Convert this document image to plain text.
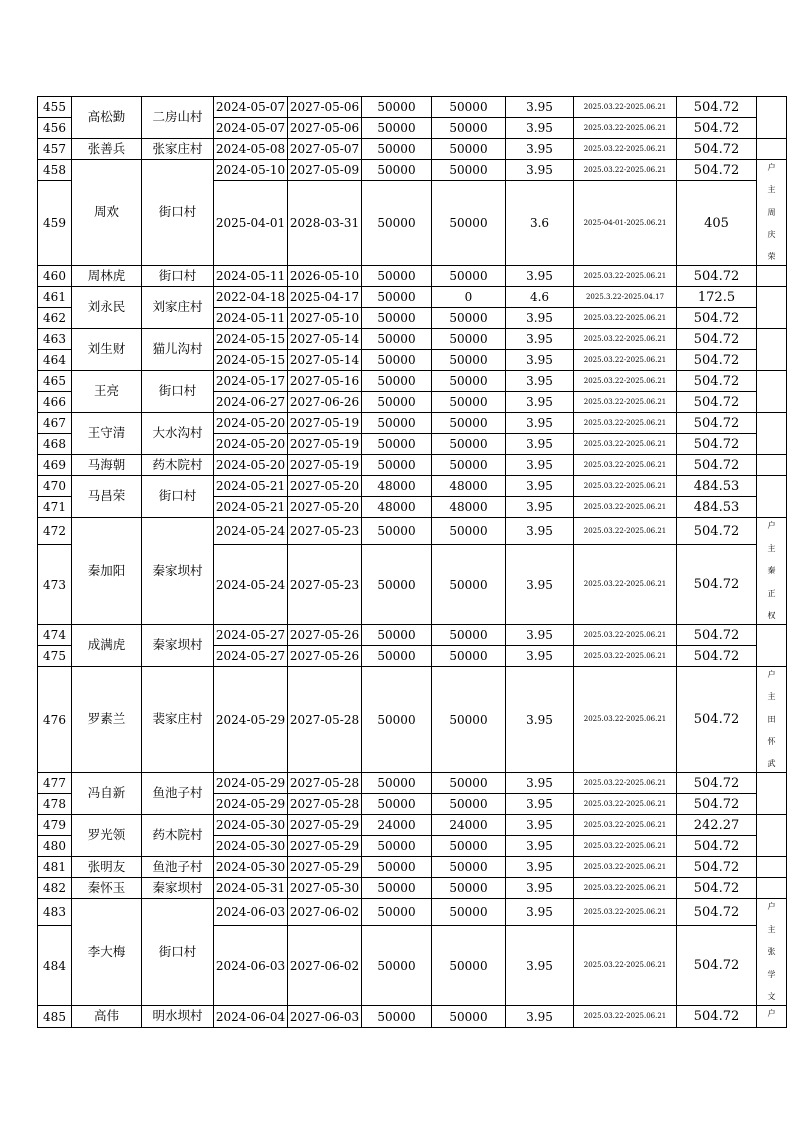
455	高松勤	二房山村	2024-05-07	2027-05-06	50000	50000	3.95	2025.03.22-2025.06.21	504.72	
456			2024-05-07	2027-05-06	50000	50000	3.95	2025.03.22-2025.06.21	504.72	
457	张善兵	张家庄村	2024-05-08	2027-05-07	50000	50000	3.95	2025.03.22-2025.06.21	504.72	
458	周欢	街口村	2024-05-10	2027-05-09	50000	50000	3.95	2025.03.22-2025.06.21	504.72	户
主
周
庆
荣

459			2025-04-01	2028-03-31	50000	50000	3.6	2025-04-01-2025.06.21	405	
460	周林虎	街口村	2024-05-11	2026-05-10	50000	50000	3.95	2025.03.22-2025.06.21	504.72	
461	刘永民	刘家庄村	2022-04-18	2025-04-17	50000	0	4.6	2025.3.22-2025.04.17	172.5	
462			2024-05-11	2027-05-10	50000	50000	3.95	2025.03.22-2025.06.21	504.72	
463	刘生财	猫儿沟村	2024-05-15	2027-05-14	50000	50000	3.95	2025.03.22-2025.06.21	504.72	
464			2024-05-15	2027-05-14	50000	50000	3.95	2025.03.22-2025.06.21	504.72	
465	王亮	街口村	2024-05-17	2027-05-16	50000	50000	3.95	2025.03.22-2025.06.21	504.72	
466			2024-06-27	2027-06-26	50000	50000	3.95	2025.03.22-2025.06.21	504.72	
467	王守清	大水沟村	2024-05-20	2027-05-19	50000	50000	3.95	2025.03.22-2025.06.21	504.72	
468			2024-05-20	2027-05-19	50000	50000	3.95	2025.03.22-2025.06.21	504.72	
469	马海朝	药木院村	2024-05-20	2027-05-19	50000	50000	3.95	2025.03.22-2025.06.21	504.72	
470	马昌荣	街口村	2024-05-21	2027-05-20	48000	48000	3.95	2025.03.22-2025.06.21	484.53	
471			2024-05-21	2027-05-20	48000	48000	3.95	2025.03.22-2025.06.21	484.53	
472	秦加阳	秦家坝村	2024-05-24	2027-05-23	50000	50000	3.95	2025.03.22-2025.06.21	504.72	户
主
秦
正
权

473			2024-05-24	2027-05-23	50000	50000	3.95	2025.03.22-2025.06.21	504.72	
474	成满虎	秦家坝村	2024-05-27	2027-05-26	50000	50000	3.95	2025.03.22-2025.06.21	504.72	
475			2024-05-27	2027-05-26	50000	50000	3.95	2025.03.22-2025.06.21	504.72	
476	罗素兰	裴家庄村	2024-05-29	2027-05-28	50000	50000	3.95	2025.03.22-2025.06.21	504.72	户
主
田
怀
武

477	冯自新	鱼池子村	2024-05-29	2027-05-28	50000	50000	3.95	2025.03.22-2025.06.21	504.72	
478			2024-05-29	2027-05-28	50000	50000	3.95	2025.03.22-2025.06.21	504.72	
479	罗光领	药木院村	2024-05-30	2027-05-29	24000	24000	3.95	2025.03.22-2025.06.21	242.27	
480			2024-05-30	2027-05-29	50000	50000	3.95	2025.03.22-2025.06.21	504.72	
481	张明友	鱼池子村	2024-05-30	2027-05-29	50000	50000	3.95	2025.03.22-2025.06.21	504.72	
482	秦怀玉	秦家坝村	2024-05-31	2027-05-30	50000	50000	3.95	2025.03.22-2025.06.21	504.72	
483	李大梅	街口村	2024-06-03	2027-06-02	50000	50000	3.95	2025.03.22-2025.06.21	504.72	户
主
张
学
文

484			2024-06-03	2027-06-02	50000	50000	3.95	2025.03.22-2025.06.21	504.72	
485	高伟	明水坝村	2024-06-04	2027-06-03	50000	50000	3.95	2025.03.22-2025.06.21	504.72	户
